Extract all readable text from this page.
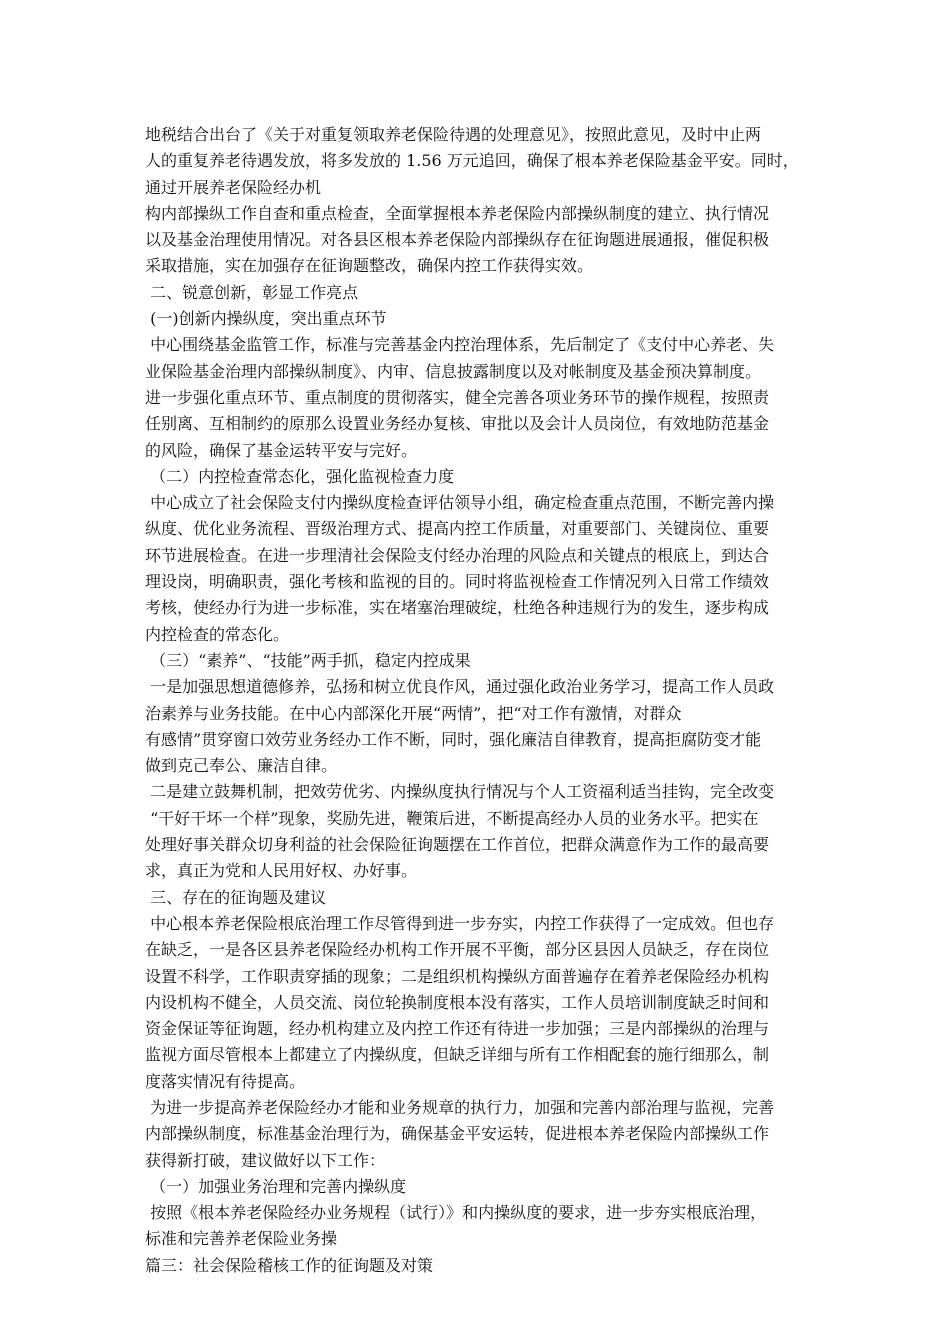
地税结合出台了《关于对重复领取养老保险待遇的处理意见》，按照此意见，及时中止两
人的重复养老待遇发放，将多发放的 1.56 万元追回，确保了根本养老保险基金平安。同时，
通过开展养老保险经办机
构内部操纵工作自查和重点检查，全面掌握根本养老保险内部操纵制度的建立、执行情况
以及基金治理使用情况。对各县区根本养老保险内部操纵存在征询题进展通报，催促积极
采取措施，实在加强存在征询题整改，确保内控工作获得实效。
二、锐意创新，彰显工作亮点
(一)创新内操纵度，突出重点环节
中心围绕基金监管工作，标准与完善基金内控治理体系，先后制定了《支付中心养老、失
业保险基金治理内部操纵制度》、内审、信息披露制度以及对帐制度及基金预决算制度。
进一步强化重点环节、重点制度的贯彻落实，健全完善各项业务环节的操作规程，按照责
任别离、互相制约的原那么设置业务经办复核、审批以及会计人员岗位，有效地防范基金
的风险，确保了基金运转平安与完好。
（二）内控检查常态化，强化监视检查力度
中心成立了社会保险支付内操纵度检查评估领导小组，确定检查重点范围，不断完善内操
纵度、优化业务流程、晋级治理方式、提高内控工作质量，对重要部门、关键岗位、重要
环节进展检查。在进一步理清社会保险支付经办治理的风险点和关键点的根底上，到达合
理设岗，明确职责，强化考核和监视的目的。同时将监视检查工作情况列入日常工作绩效
考核，使经办行为进一步标准，实在堵塞治理破绽，杜绝各种违规行为的发生，逐步构成
内控检查的常态化。
（三）“素养”、“技能”两手抓，稳定内控成果
一是加强思想道德修养，弘扬和树立优良作风，通过强化政治业务学习，提高工作人员政
治素养与业务技能。在中心内部深化开展“两情”，把“对工作有激情，对群众
有感情”贯穿窗口效劳业务经办工作不断，同时，强化廉洁自律教育，提高拒腐防变才能
做到克己奉公、廉洁自律。
二是建立鼓舞机制，把效劳优劣、内操纵度执行情况与个人工资福利适当挂钩，完全改变
“干好干坏一个样”现象，奖励先进，鞭策后进，不断提高经办人员的业务水平。把实在
处理好事关群众切身利益的社会保险征询题摆在工作首位，把群众满意作为工作的最高要
求，真正为党和人民用好权、办好事。
三、存在的征询题及建议
中心根本养老保险根底治理工作尽管得到进一步夯实，内控工作获得了一定成效。但也存
在缺乏，一是各区县养老保险经办机构工作开展不平衡，部分区县因人员缺乏，存在岗位
设置不科学，工作职责穿插的现象；二是组织机构操纵方面普遍存在着养老保险经办机构
内设机构不健全，人员交流、岗位轮换制度根本没有落实，工作人员培训制度缺乏时间和
资金保证等征询题，经办机构建立及内控工作还有待进一步加强；三是内部操纵的治理与
监视方面尽管根本上都建立了内操纵度，但缺乏详细与所有工作相配套的施行细那么，制
度落实情况有待提高。
为进一步提高养老保险经办才能和业务规章的执行力，加强和完善内部治理与监视，完善
内部操纵制度，标准基金治理行为，确保基金平安运转，促进根本养老保险内部操纵工作
获得新打破，建议做好以下工作：
（一）加强业务治理和完善内操纵度
按照《根本养老保险经办业务规程（试行）》和内操纵度的要求，进一步夯实根底治理，
标准和完善养老保险业务操
篇三：社会保险稽核工作的征询题及对策
